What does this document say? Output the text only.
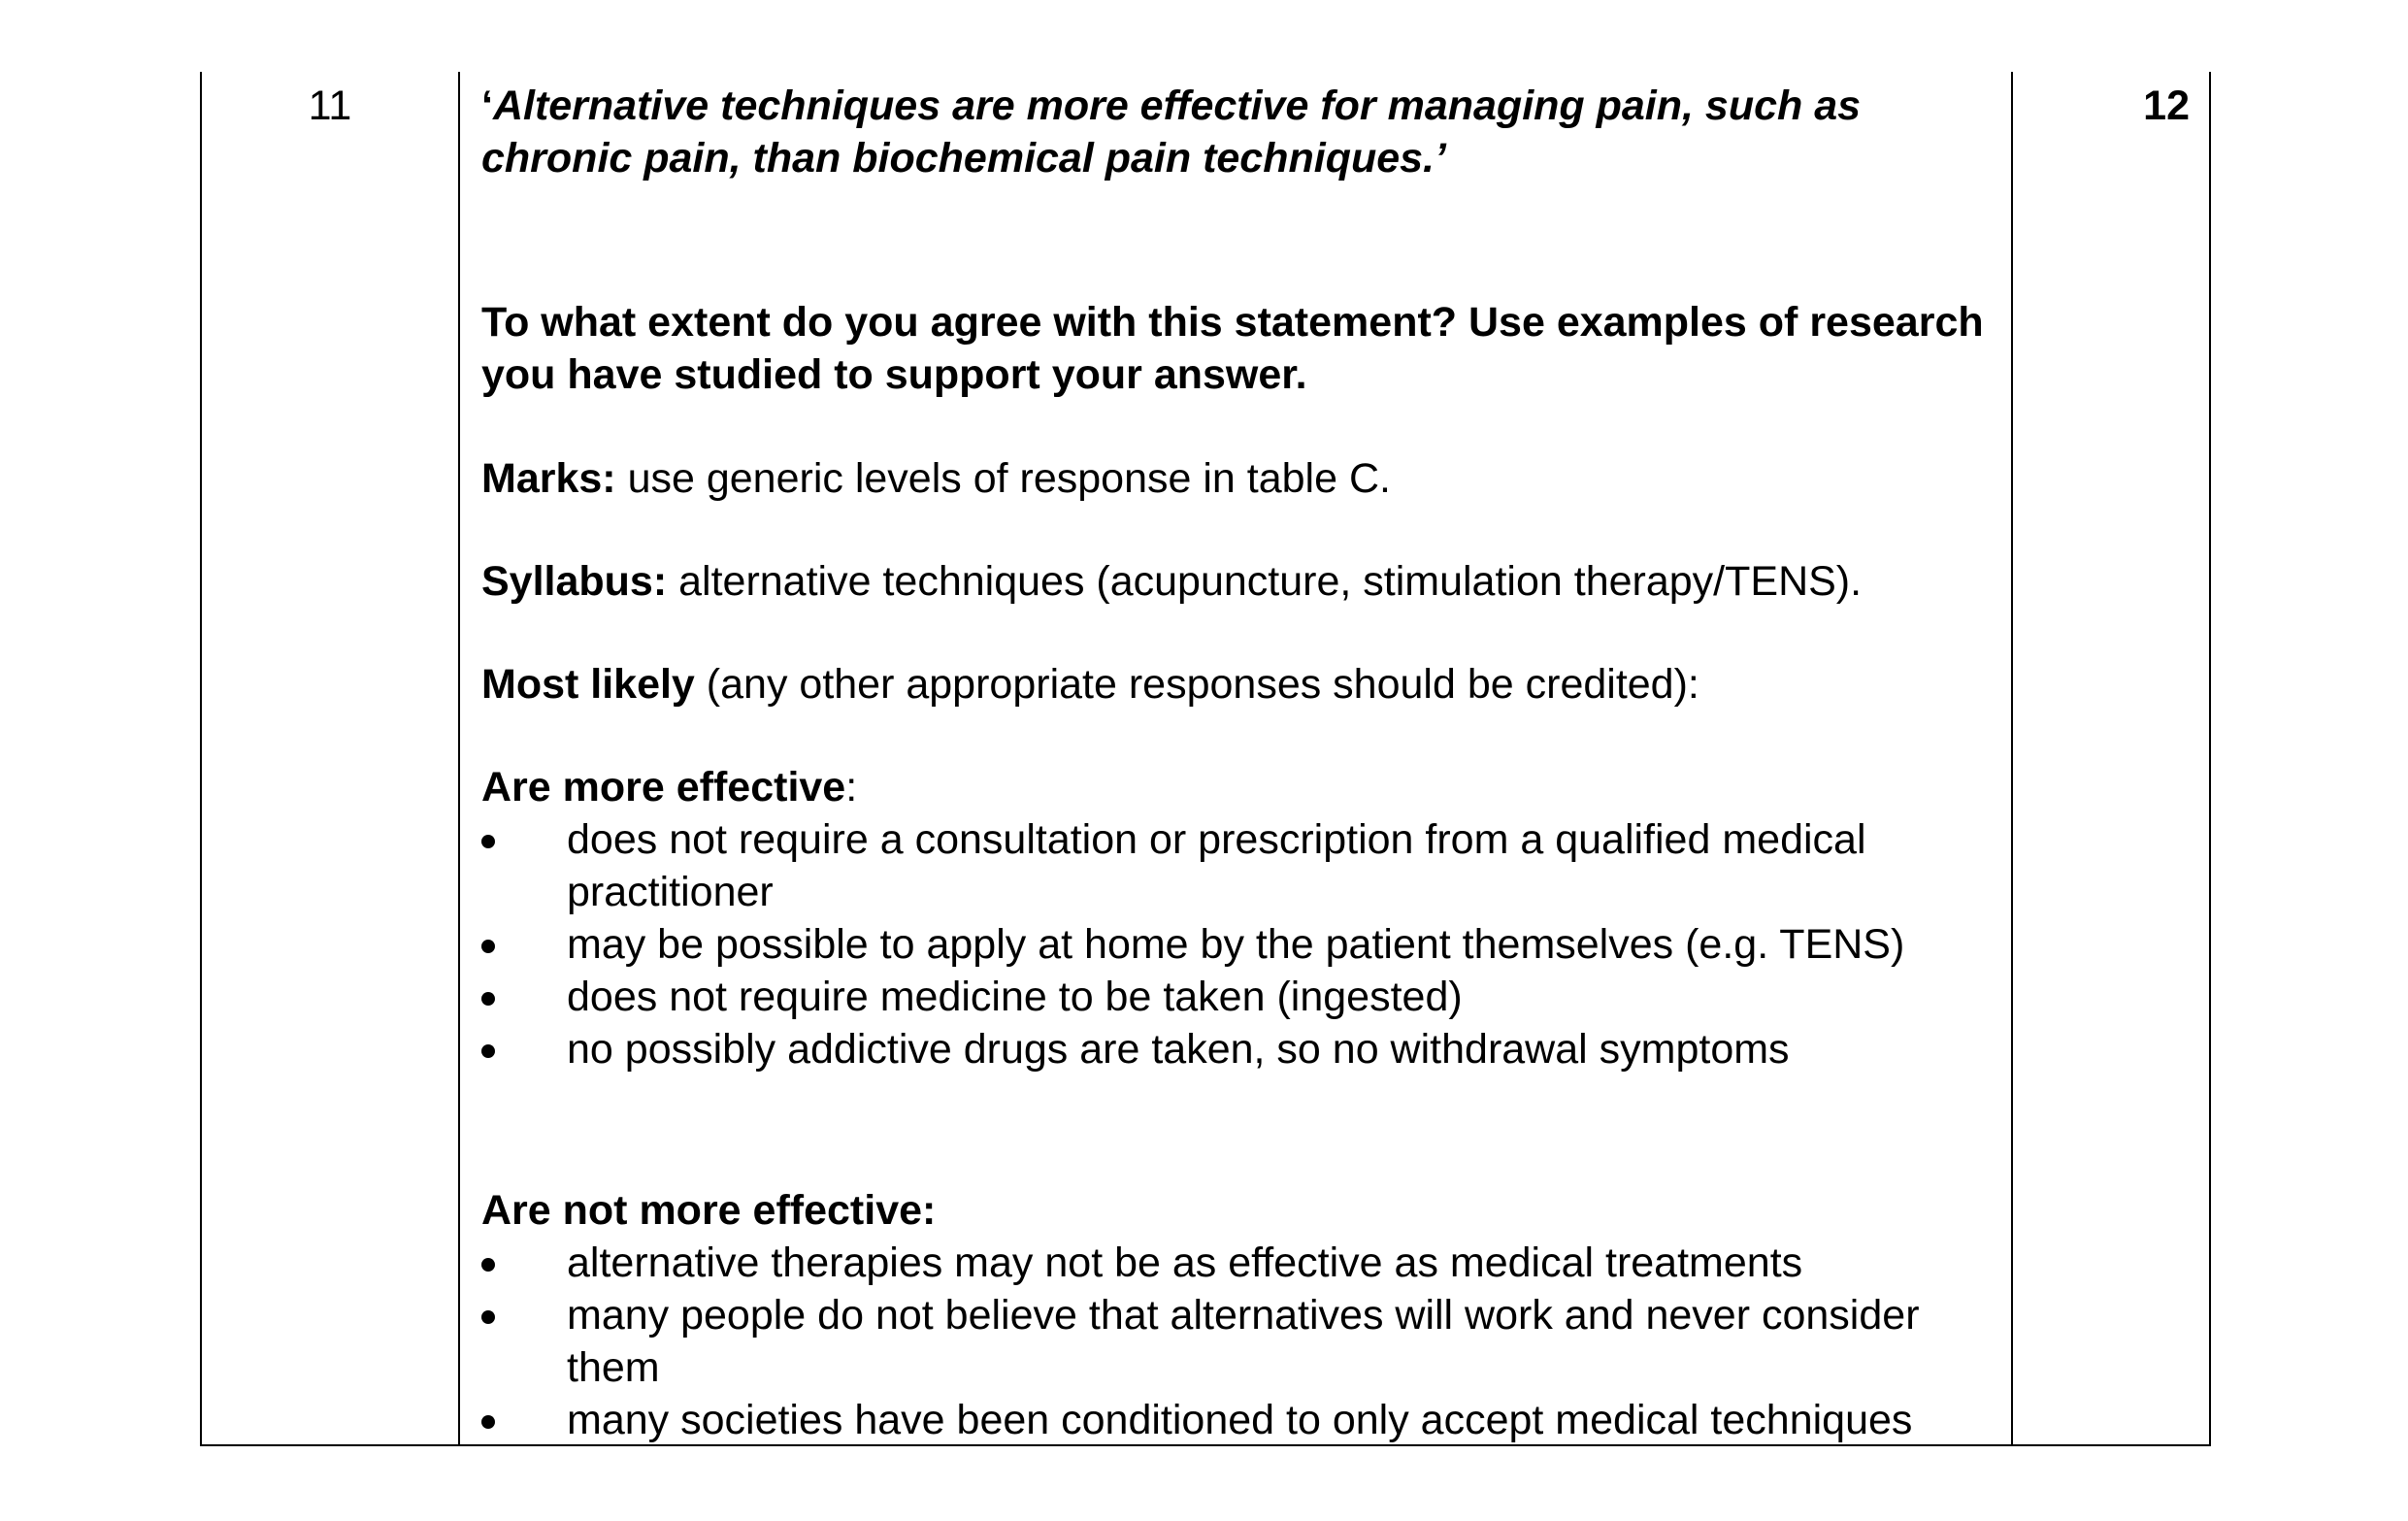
11	12

‘Alternative techniques are more effective for managing pain, such as chronic pain, than biochemical pain techniques.’

To what extent do you agree with this statement? Use examples of research you have studied to support your answer.

Marks: use generic levels of response in table C.

Syllabus: alternative techniques (acupuncture, stimulation therapy/TENS).

Most likely (any other appropriate responses should be credited):

Are more effective:

does not require a consultation or prescription from a qualified medical practitioner
may be possible to apply at home by the patient themselves (e.g. TENS)
does not require medicine to be taken (ingested)
no possibly addictive drugs are taken, so no withdrawal symptoms

Are not more effective:

alternative therapies may not be as effective as medical treatments
many people do not believe that alternatives will work and never consider them
many societies have been conditioned to only accept medical techniques
